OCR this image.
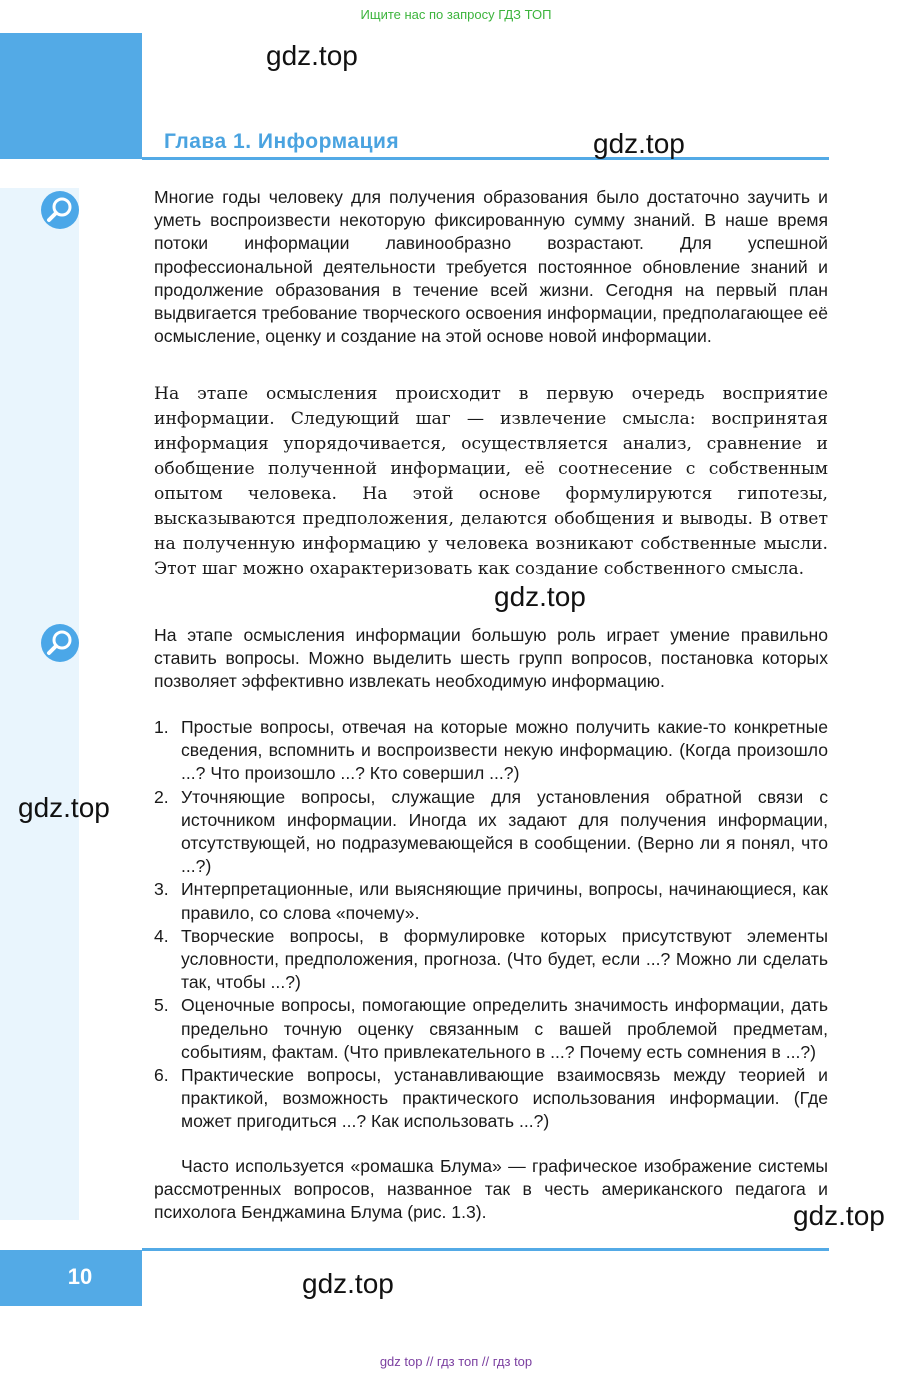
Ищите нас по запросу ГДЗ ТОП
Глава 1. Информация
Многие годы человеку для получения образования было достаточно заучить и уметь воспроизвести некоторую фиксированную сумму знаний. В наше время потоки информации лавинообразно возрастают. Для успешной профессиональной деятельности требуется постоянное обновление знаний и продолжение образования в течение всей жизни. Сегодня на первый план выдвигается требование творческого освоения информации, предполагающее её осмысление, оценку и создание на этой основе новой информации.
На этапе осмысления происходит в первую очередь восприятие информации. Следующий шаг — извлечение смысла: воспринятая информация упорядочивается, осуществляется анализ, сравнение и обобщение полученной информации, её соотнесение с собственным опытом человека. На этой основе формулируются гипотезы, высказываются предположения, делаются обобщения и выводы. В ответ на полученную информацию у человека возникают собственные мысли. Этот шаг можно охарактеризовать как создание собственного смысла.
На этапе осмысления информации большую роль играет умение правильно ставить вопросы. Можно выделить шесть групп вопросов, постановка которых позволяет эффективно извлекать необходимую информацию.
1. Простые вопросы, отвечая на которые можно получить какие-то конкретные сведения, вспомнить и воспроизвести некую информацию. (Когда произошло ...? Что произошло ...? Кто совершил ...?)
2. Уточняющие вопросы, служащие для установления обратной связи с источником информации. Иногда их задают для получения информации, отсутствующей, но подразумевающейся в сообщении. (Верно ли я понял, что ...?)
3. Интерпретационные, или выясняющие причины, вопросы, начинающиеся, как правило, со слова «почему».
4. Творческие вопросы, в формулировке которых присутствуют элементы условности, предположения, прогноза. (Что будет, если ...? Можно ли сделать так, чтобы ...?)
5. Оценочные вопросы, помогающие определить значимость информации, дать предельно точную оценку связанным с вашей проблемой предметам, событиям, фактам. (Что привлекательного в ...? Почему есть сомнения в ...?)
6. Практические вопросы, устанавливающие взаимосвязь между теорией и практикой, возможность практического использования информации. (Где может пригодиться ...? Как использовать ...?)
Часто используется «ромашка Блума» — графическое изображение системы рассмотренных вопросов, названное так в честь американского педагога и психолога Бенджамина Блума (рис. 1.3).
gdz.top
gdz.top
gdz.top
gdz.top
gdz.top
gdz.top
10
gdz top // гдз топ // гдз top
